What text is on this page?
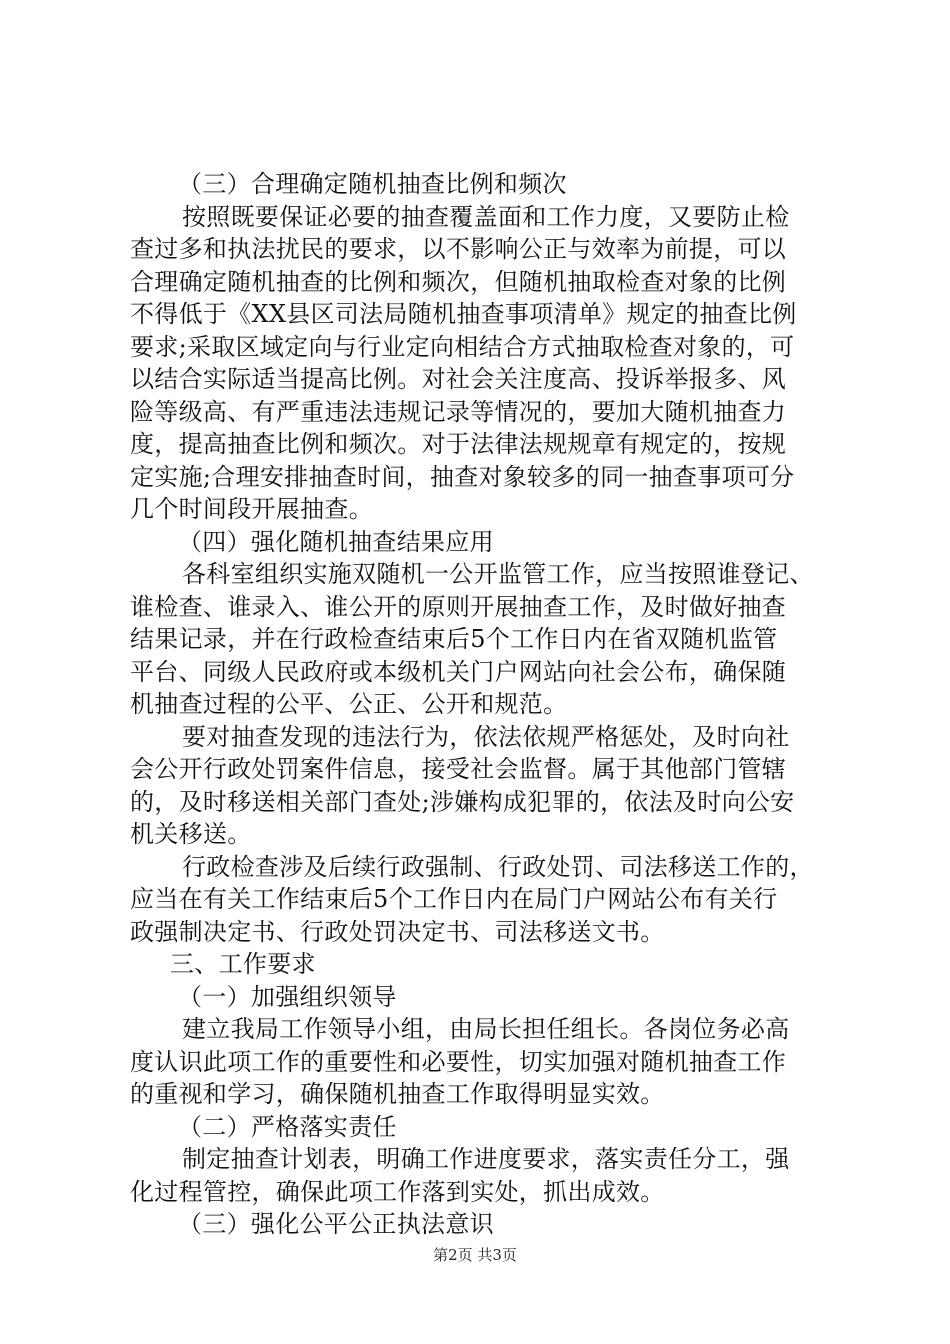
（三）合理确定随机抽查比例和频次
按照既要保证必要的抽查覆盖面和工作力度，又要防止检
查过多和执法扰民的要求，以不影响公正与效率为前提，可以
合理确定随机抽查的比例和频次，但随机抽取检查对象的比例
不得低于《XX县区司法局随机抽查事项清单》规定的抽查比例
要求;采取区域定向与行业定向相结合方式抽取检查对象的，可
以结合实际适当提高比例。对社会关注度高、投诉举报多、风
险等级高、有严重违法违规记录等情况的，要加大随机抽查力
度，提高抽查比例和频次。对于法律法规规章有规定的，按规
定实施;合理安排抽查时间，抽查对象较多的同一抽查事项可分
几个时间段开展抽查。
（四）强化随机抽查结果应用
各科室组织实施双随机一公开监管工作，应当按照谁登记、
谁检查、谁录入、谁公开的原则开展抽查工作，及时做好抽查
结果记录，并在行政检查结束后5个工作日内在省双随机监管
平台、同级人民政府或本级机关门户网站向社会公布，确保随
机抽查过程的公平、公正、公开和规范。
要对抽查发现的违法行为，依法依规严格惩处，及时向社
会公开行政处罚案件信息，接受社会监督。属于其他部门管辖
的，及时移送相关部门查处;涉嫌构成犯罪的，依法及时向公安
机关移送。
行政检查涉及后续行政强制、行政处罚、司法移送工作的，
应当在有关工作结束后5个工作日内在局门户网站公布有关行
政强制决定书、行政处罚决定书、司法移送文书。
三、工作要求
（一）加强组织领导
建立我局工作领导小组，由局长担任组长。各岗位务必高
度认识此项工作的重要性和必要性，切实加强对随机抽查工作
的重视和学习，确保随机抽查工作取得明显实效。
（二）严格落实责任
制定抽查计划表，明确工作进度要求，落实责任分工，强
化过程管控，确保此项工作落到实处，抓出成效。
（三）强化公平公正执法意识
第2页 共3页
